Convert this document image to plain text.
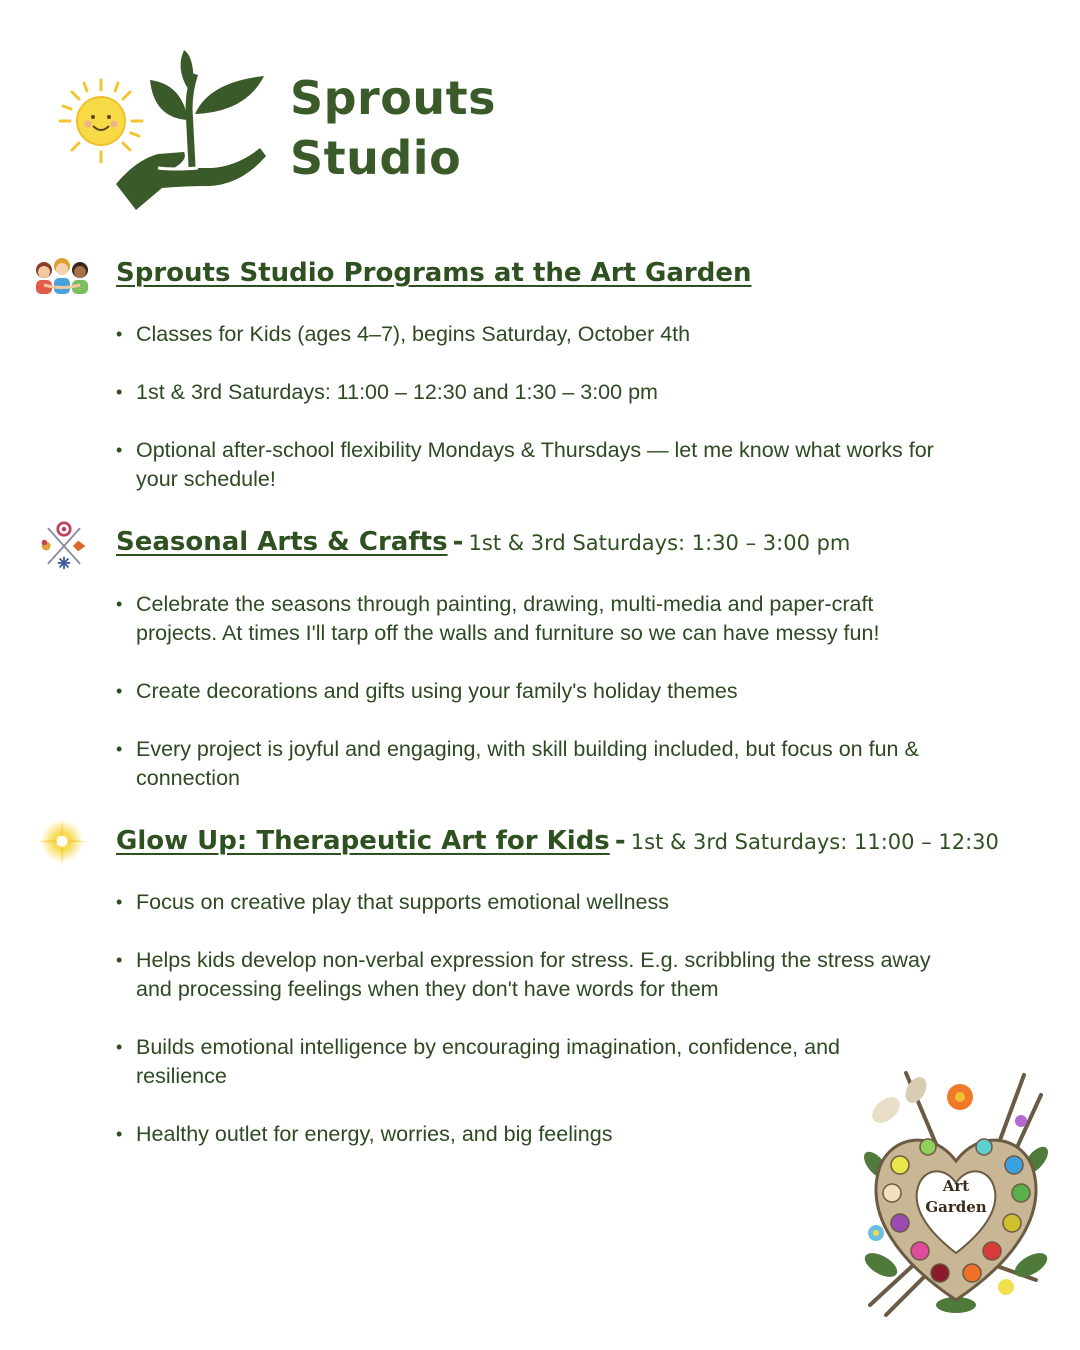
Sprouts
Studio
Sprouts Studio Programs at the Art Garden
• Classes for Kids (ages 4–7), begins Saturday, October 4th
• 1st & 3rd Saturdays: 11:00 – 12:30 and 1:30 – 3:00 pm
• Optional after-school flexibility Mondays & Thursdays — let me know what works for your schedule!
Seasonal Arts & Crafts - 1st & 3rd Saturdays: 1:30 – 3:00 pm
• Celebrate the seasons through painting, drawing, multi-media and paper-craft projects. At times I'll tarp off the walls and furniture so we can have messy fun!
• Create decorations and gifts using your family's holiday themes
• Every project is joyful and engaging, with skill building included, but focus on fun & connection
Glow Up: Therapeutic Art for Kids - 1st & 3rd Saturdays: 11:00 – 12:30
• Focus on creative play that supports emotional wellness
• Helps kids develop non-verbal expression for stress. E.g. scribbling the stress away and processing feelings when they don't have words for them
• Builds emotional intelligence by encouraging imagination, confidence, and resilience
• Healthy outlet for energy, worries, and big feelings
Art
Garden
